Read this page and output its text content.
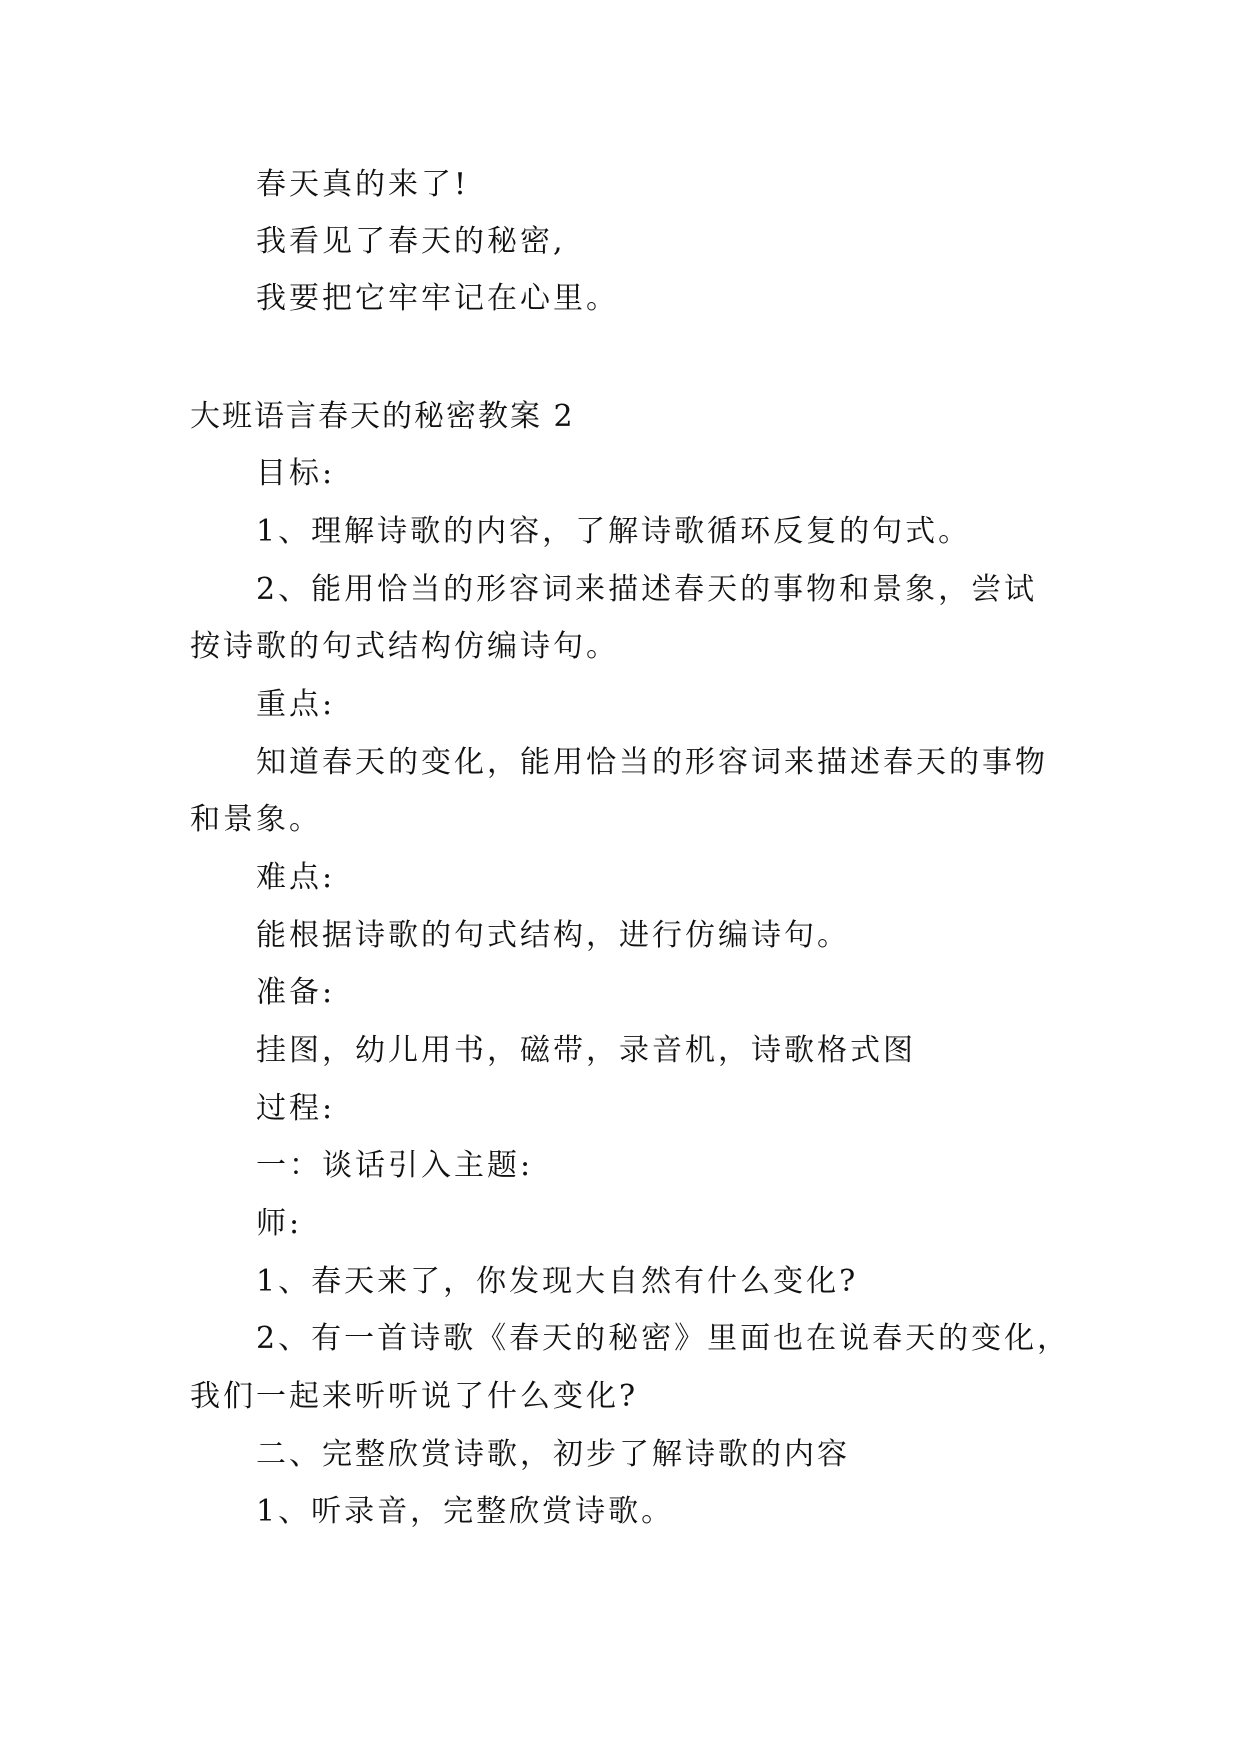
春天真的来了!
我看见了春天的秘密,
我要把它牢牢记在心里。
大班语言春天的秘密教案 2
目标:
1、理解诗歌的内容，了解诗歌循环反复的句式。
2、能用恰当的形容词来描述春天的事物和景象，尝试
按诗歌的句式结构仿编诗句。
重点:
知道春天的变化，能用恰当的形容词来描述春天的事物
和景象。
难点:
能根据诗歌的句式结构，进行仿编诗句。
准备:
挂图，幼儿用书，磁带，录音机，诗歌格式图
过程:
一：谈话引入主题:
师:
1、春天来了，你发现大自然有什么变化?
2、有一首诗歌《春天的秘密》里面也在说春天的变化，
我们一起来听听说了什么变化?
二、完整欣赏诗歌，初步了解诗歌的内容
1、听录音，完整欣赏诗歌。
